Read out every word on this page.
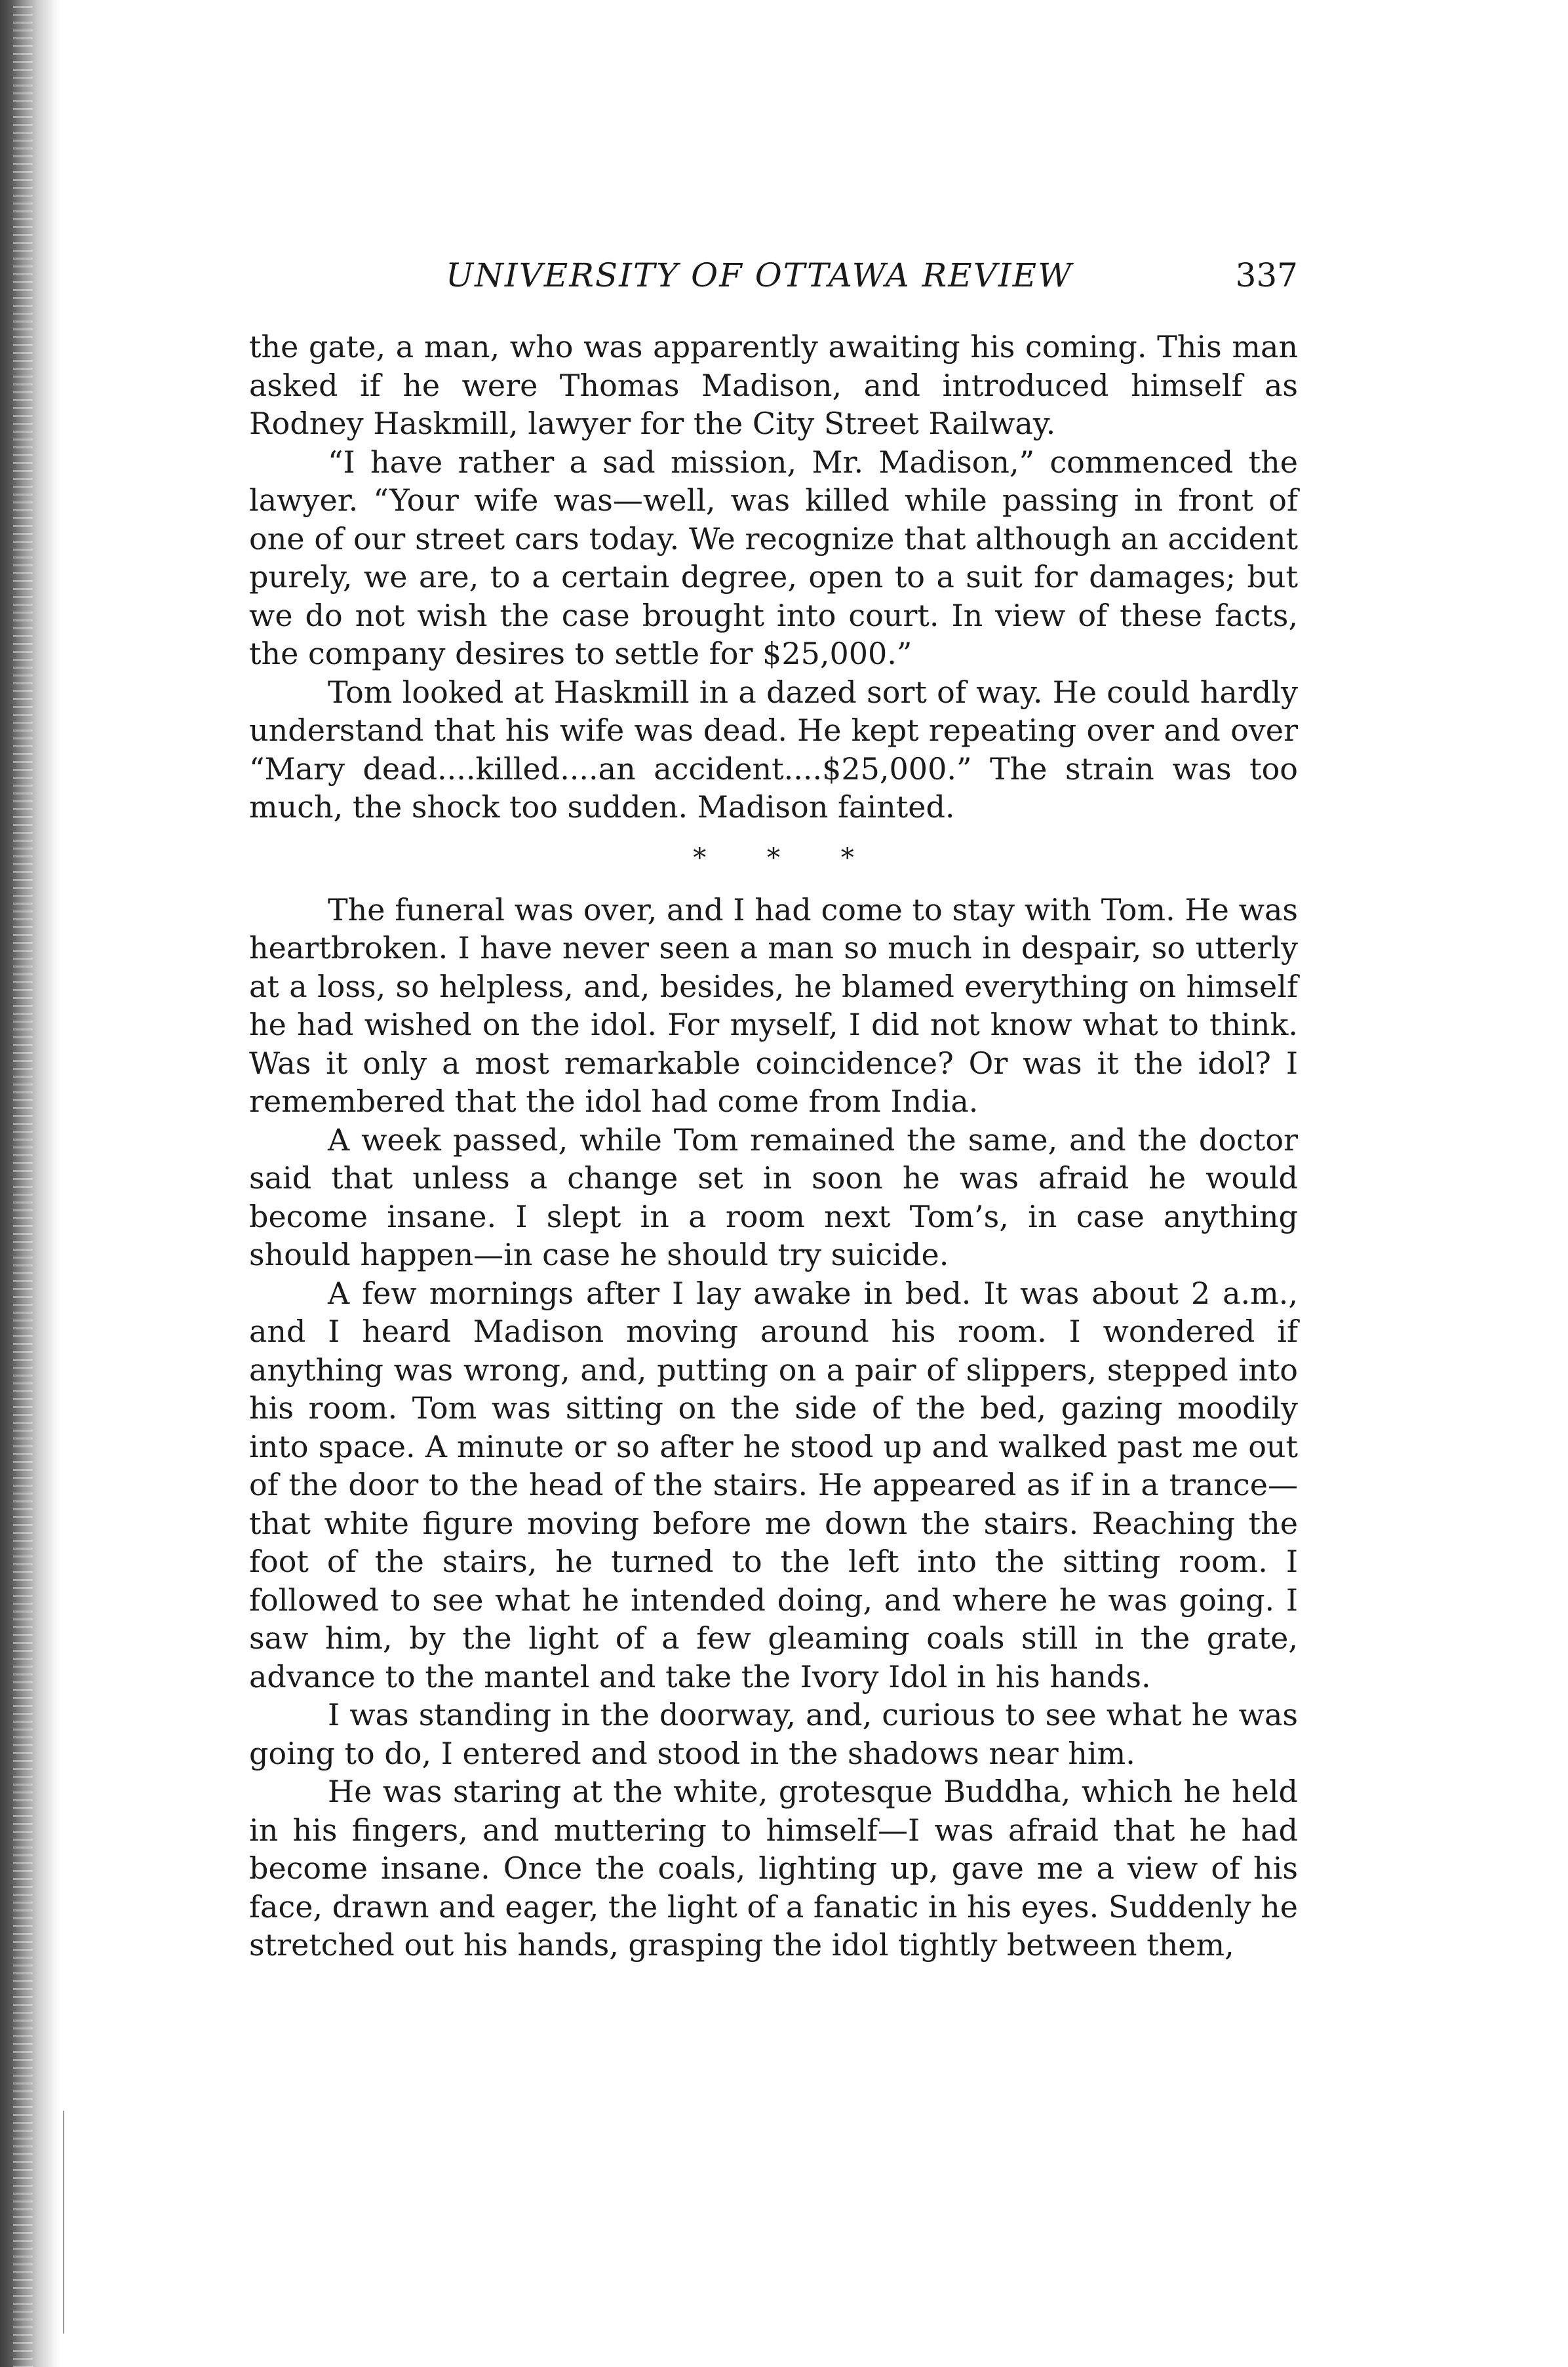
UNIVERSITY OF OTTAWA REVIEW	337

the gate, a man, who was apparently awaiting his coming. This man asked if he were Thomas Madison, and introduced himself as Rodney Haskmill, lawyer for the City Street Railway.

“I have rather a sad mission, Mr. Madison,” commenced the lawyer. “Your wife was—well, was killed while passing in front of one of our street cars today. We recognize that although an accident purely, we are, to a certain degree, open to a suit for damages; but we do not wish the case brought into court. In view of these facts, the company desires to settle for $25,000.”

Tom looked at Haskmill in a dazed sort of way. He could hardly understand that his wife was dead. He kept repeating over and over “Mary dead....killed....an accident....$25,000.” The strain was too much, the shock too sudden. Madison fainted.

* * *

The funeral was over, and I had come to stay with Tom. He was heartbroken. I have never seen a man so much in despair, so utterly at a loss, so helpless, and, besides, he blamed everything on himself he had wished on the idol. For myself, I did not know what to think. Was it only a most remarkable coincidence? Or was it the idol? I remembered that the idol had come from India.

A week passed, while Tom remained the same, and the doctor said that unless a change set in soon he was afraid he would become insane. I slept in a room next Tom’s, in case anything should happen—in case he should try suicide.

A few mornings after I lay awake in bed. It was about 2 a.m., and I heard Madison moving around his room. I wondered if anything was wrong, and, putting on a pair of slippers, stepped into his room. Tom was sitting on the side of the bed, gazing moodily into space. A minute or so after he stood up and walked past me out of the door to the head of the stairs. He appeared as if in a trance—that white figure moving before me down the stairs. Reaching the foot of the stairs, he turned to the left into the sitting room. I followed to see what he intended doing, and where he was going. I saw him, by the light of a few gleaming coals still in the grate, advance to the mantel and take the Ivory Idol in his hands.

I was standing in the doorway, and, curious to see what he was going to do, I entered and stood in the shadows near him.

He was staring at the white, grotesque Buddha, which he held in his fingers, and muttering to himself—I was afraid that he had become insane. Once the coals, lighting up, gave me a view of his face, drawn and eager, the light of a fanatic in his eyes. Suddenly he stretched out his hands, grasping the idol tightly between them,
